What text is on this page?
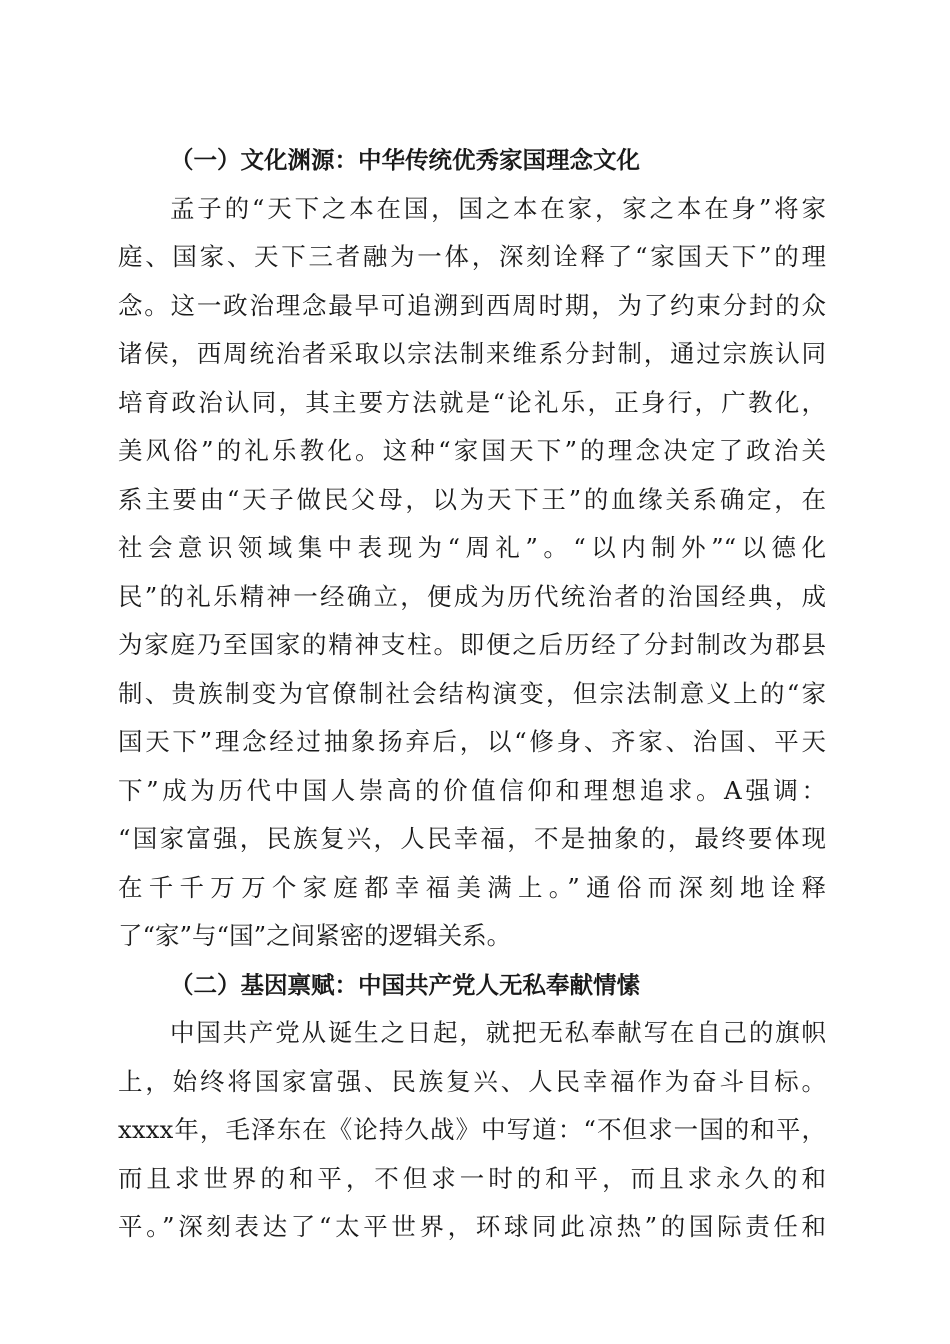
（一）文化渊源：中华传统优秀家国理念文化
孟子的“天下之本在国，国之本在家，家之本在身”将家
庭、国家、天下三者融为一体，深刻诠释了“家国天下”的理
念。这一政治理念最早可追溯到西周时期，为了约束分封的众
诸侯，西周统治者采取以宗法制来维系分封制，通过宗族认同
培育政治认同，其主要方法就是“论礼乐，正身行，广教化，
美风俗”的礼乐教化。这种“家国天下”的理念决定了政治关
系主要由“天子做民父母，以为天下王”的血缘关系确定，在
社会意识领域集中表现为“周礼”。“以内制外”“以德化
民”的礼乐精神一经确立，便成为历代统治者的治国经典，成
为家庭乃至国家的精神支柱。即便之后历经了分封制改为郡县
制、贵族制变为官僚制社会结构演变，但宗法制意义上的“家
国天下”理念经过抽象扬弃后，以“修身、齐家、治国、平天
下”成为历代中国人崇高的价值信仰和理想追求。A强调：
“国家富强，民族复兴，人民幸福，不是抽象的，最终要体现
在千千万万个家庭都幸福美满上。”通俗而深刻地诠释
了“家”与“国”之间紧密的逻辑关系。
（二）基因禀赋：中国共产党人无私奉献情愫
中国共产党从诞生之日起，就把无私奉献写在自己的旗帜
上，始终将国家富强、民族复兴、人民幸福作为奋斗目标。
xxxx年，毛泽东在《论持久战》中写道：“不但求一国的和平，
而且求世界的和平，不但求一时的和平，而且求永久的和
平。”深刻表达了“太平世界，环球同此凉热”的国际责任和
